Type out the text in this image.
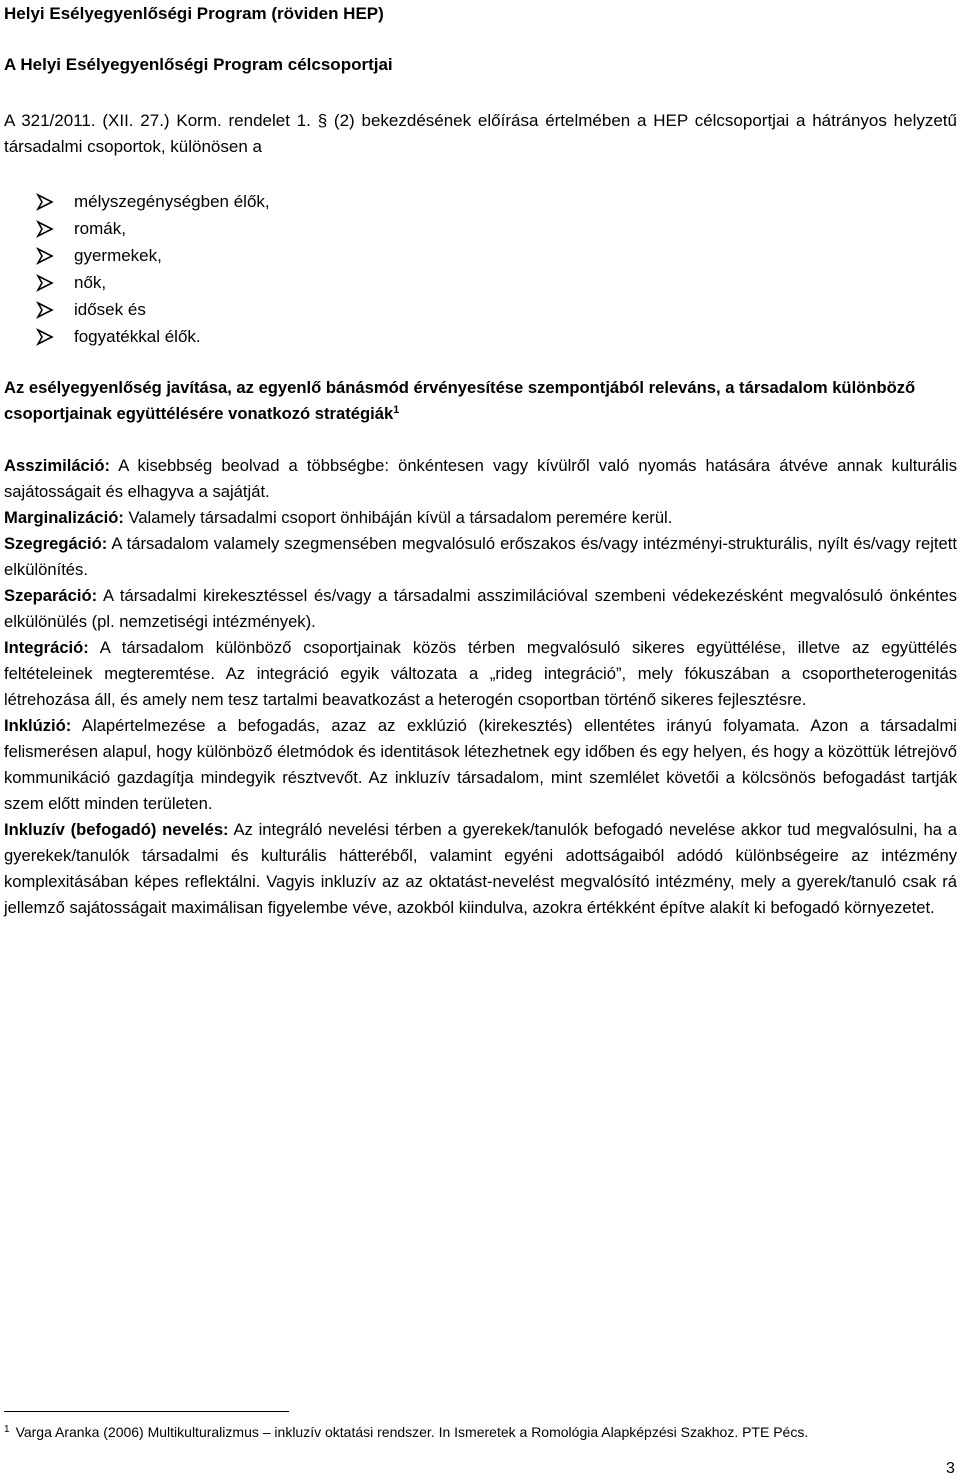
Helyi Esélyegyenlőségi Program (röviden HEP)
A Helyi Esélyegyenlőségi Program célcsoportjai
A 321/2011. (XII. 27.) Korm. rendelet 1. § (2) bekezdésének előírása értelmében a HEP célcsoportjai a hátrányos helyzetű társadalmi csoportok, különösen a
mélyszegénységben élők,
romák,
gyermekek,
nők,
idősek és
fogyatékkal élők.

Az esélyegyenlőség javítása, az egyenlő bánásmód érvényesítése szempontjából releváns, a társadalom különböző csoportjainak együttélésére vonatkozó stratégiák$^1$

Asszimiláció: A kisebbség beolvad a többségbe: önkéntesen vagy kívülről való nyomás hatására átvéve annak kulturális sajátosságait és elhagyva a sajátját.

Marginalizáció: Valamely társadalmi csoport önhibáján kívül a társadalom peremére kerül.

Szegregáció: A társadalom valamely szegmensében megvalósuló erőszakos és/vagy intézményi-strukturális, nyílt és/vagy rejtett elkülönítés.

Szeparáció: A társadalmi kirekesztéssel és/vagy a társadalmi asszimilációval szembeni védekezésként megvalósuló önkéntes elkülönülés (pl. nemzetiségi intézmények).

Integráció: A társadalom különböző csoportjainak közös térben megvalósuló sikeres együttélése, illetve az együttélés feltételeinek megteremtése. Az integráció egyik változata a „rideg integráció”, mely fókuszában a csoportheterogenitás létrehozása áll, és amely nem tesz tartalmi beavatkozást a heterogén csoportban történő sikeres fejlesztésre.

Inklúzió: Alapértelmezése a befogadás, azaz az exklúzió (kirekesztés) ellentétes irányú folyamata. Azon a társadalmi felismerésen alapul, hogy különböző életmódok és identitások létezhetnek egy időben és egy helyen, és hogy a közöttük létrejövő kommunikáció gazdagítja mindegyik résztvevőt. Az inkluzív társadalom, mint szemlélet követői a kölcsönös befogadást tartják szem előtt minden területen.

Inkluzív (befogadó) nevelés: Az integráló nevelési térben a gyerekek/tanulók befogadó nevelése akkor tud megvalósulni, ha a gyerekek/tanulók társadalmi és kulturális hátteréből, valamint egyéni adottságaiból adódó különbségeire az intézmény komplexitásában képes reflektálni. Vagyis inkluzív az az oktatást-nevelést megvalósító intézmény, mely a gyerek/tanuló csak rá jellemző sajátosságait maximálisan figyelembe véve, azokból kiindulva, azokra értékként építve alakít ki befogadó környezetet.

$^1$ Varga Aranka (2006) Multikulturalizmus – inkluzív oktatási rendszer. In Ismeretek a Romológia Alapképzési Szakhoz. PTE Pécs.
3
